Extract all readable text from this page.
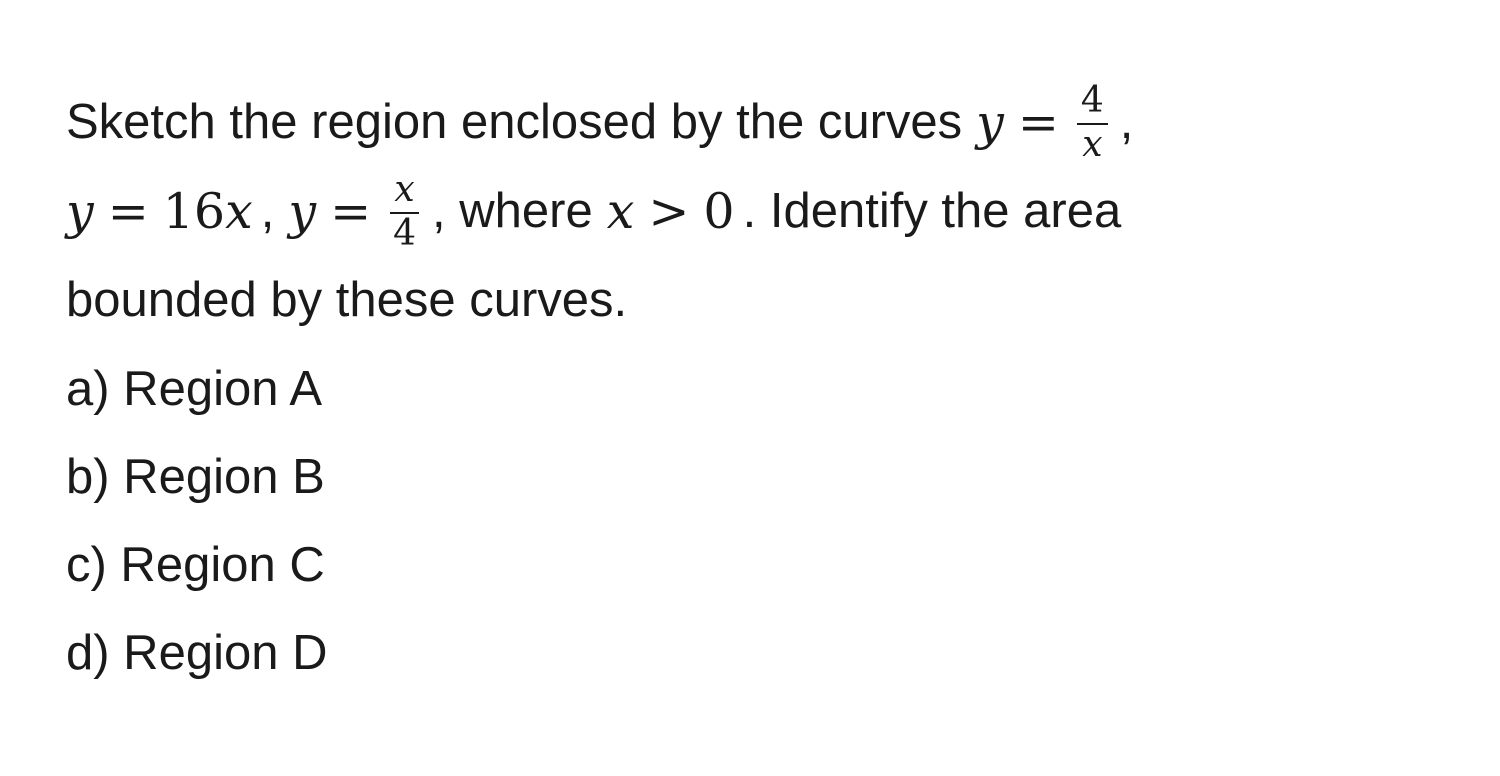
Sketch the region enclosed by the curves $y = \frac{4}{x}$ ,
y = 16 x , $y = \frac{x}{4}$ , where x > 0 . Identify the area
bounded by these curves.
a) Region A
b) Region B
c) Region C
d) Region D
